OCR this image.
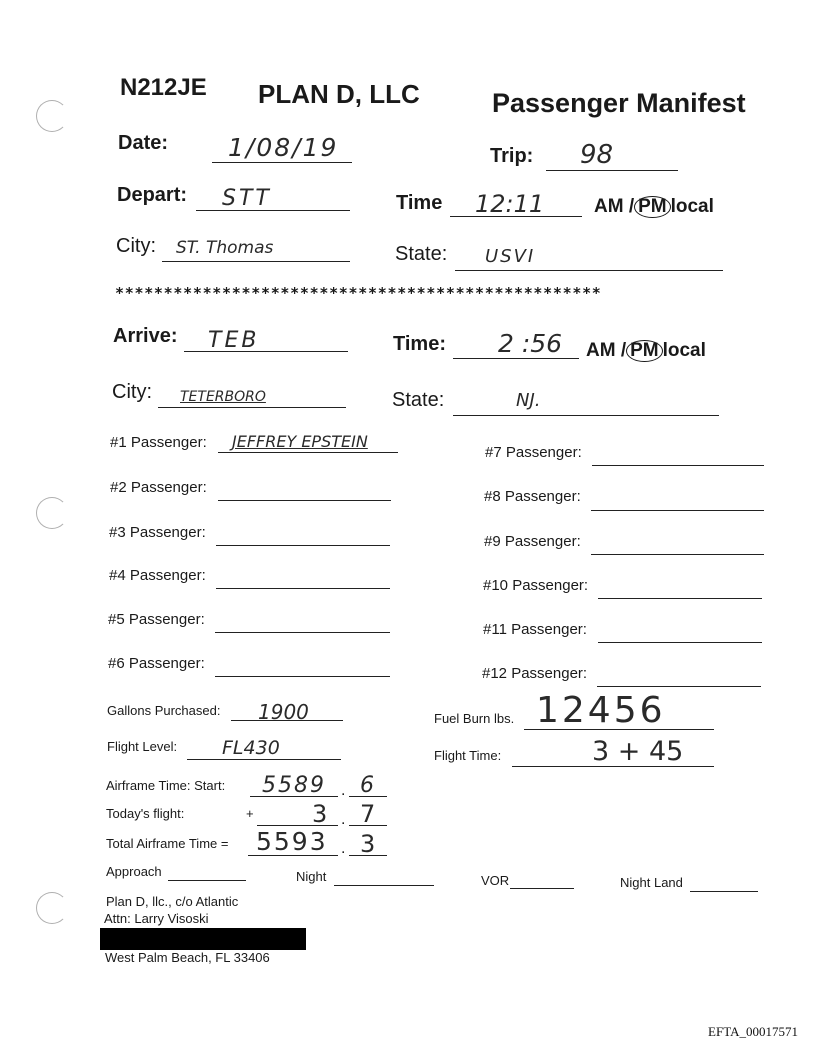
N212JE PLAN D, LLC	Passenger Manifest
Date: 1/08/19	Trip: 98
Depart: STT	Time 12:11	AM / PM local
City: ST. Thomas	State: USVI
**************************************************
Arrive: TEB	Time: 2 :56 AM / PM local
City: TETERBORO	State:	NJ.
#1 Passenger: JEFFREY EPSTEIN
#2 Passenger:
#3 Passenger:
#4 Passenger:
#5 Passenger:
#6 Passenger:
#7 Passenger:
#8 Passenger:
#9 Passenger:
#10 Passenger:
#11 Passenger:
#12 Passenger:
Gallons Purchased: 1900	Fuel Burn lbs. 12456
Flight Level: FL430	Flight Time:	3 + 45
Airframe Time: Start: 5589 . 6
Today's flight:	+ 3 . 7
Total Airframe Time = 5593 . 3
Approach	Night	VOR	Night Land
Plan D, llc., c/o Atlantic
Attn: Larry Visoski
West Palm Beach, FL 33406
EFTA_00017571
